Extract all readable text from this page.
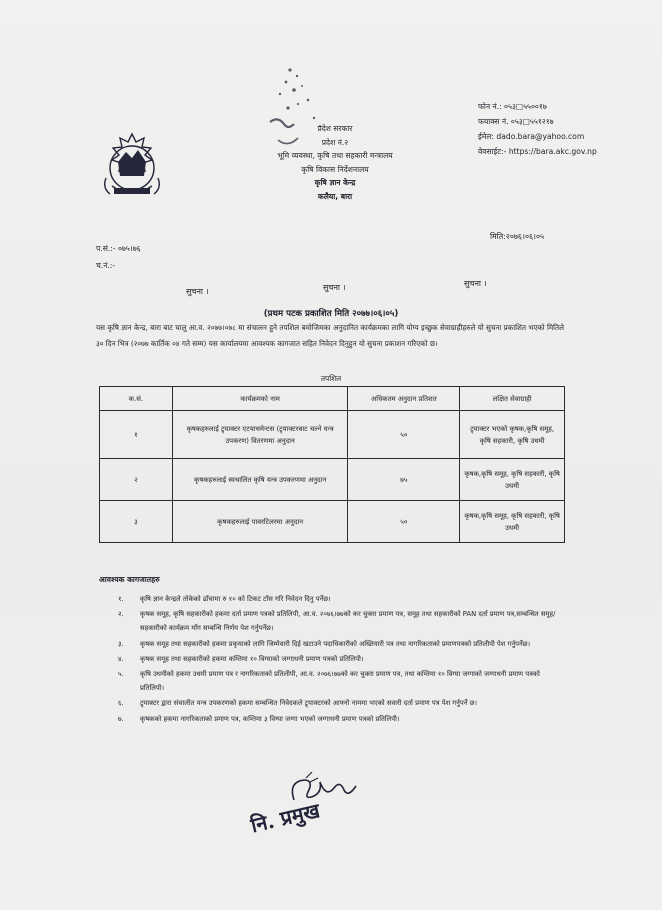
प्रदेश सरकार
प्रदेश नं.२
भूमि व्यवस्था, कृषि तथा सहकारी मन्त्रालय
कृषि विकास निर्देशनालय
कृषि ज्ञान केन्द्र
कलैया, बारा
फोन नं.: ०५३□५५००१७
फयाक्स नं. ०५३□५५१२१७
ईमेल: dado.bara@yahoo.com
वेवसाईट:- https://bara.akc.gov.np
प.सं.:- ०७५।७६
च.नं.:-
मिति:२०७६।०६।०५
सुचना ।	सुचना ।	सुचना ।
(प्रथम पटक प्रकाशित मिति २०७७।०६।०५)
यस कृषि ज्ञान केन्द्र, बारा बाट चालु आ.व. २०७७।०७८ मा संचालन हुने तपशिल बमोजिमका अनुदानित कार्यक्रमका लागि योग्य इच्छुक सेवाग्राहीहरुले यो सुचना प्रकाशित भएको मितिले ३० दिन भित्र (२०७७ कार्तिक ०४ गते सम्म) यस कार्यालयमा आवश्यक कागजात सहित निवेदन दिनुहुन यो सुचना प्रकाशन गरिएको छ।
तपशिल
क.सं.	कार्यक्रमको नाम	अधिकतम अनुदान प्रतिशत	लक्षित सेवाग्राही
१	कृषकहरुलाई ट्र्याक्टर एटयाचमेन्टस (ट्र्याक्टरबाट चल्ने यन्त्र उपकरण) वितरणमा अनुदान	५०	ट्र्याक्टर भएको कृषक,कृषि समूह, कृषि सहकारी, कृषि उधमी
२	कृषकहरुलाई स्वचालित कृषि यन्त्र उपकरणमा अनुदान	७५	कृषक,कृषि समूह, कृषि सहकारी, कृषि उधमी
३	कृषकहरुलाई पावरटिलरमा अनुदान	५०	कृषक,कृषि समूह, कृषि सहकारी, कृषि उधमी
आवश्यक कागजातहरु
१. कृषि ज्ञान केन्द्रले तोकेको ढाँचामा रु १० को टिकट टाँस गरि निवेदन दिनु पर्नेछ।
२. कृषक समूह, कृषि सहकारीको हकमा दर्ता प्रमाण पत्रको प्रतिलिपी, आ.व. २०७६।७७को कर चुक्ता प्रमाण पत्र, समूह तथा सहकारीको PAN दर्ता प्रमाण पत्र,सम्बन्धित समूह/सहकारीको कार्यक्रम माँग सम्बन्धि निर्णय पेश गर्नुपर्नेछ।
३. कृषक समूह तथा सहकारीको हकमा प्रकृयाको लागि जिम्मेवारी दिई खटाउने पदाधिकारीको अख्तियारी पत्र तथा नागरिकताको प्रमाणपत्रको प्रतिलीपी पेश गर्नुपर्नेछ।
४. कृषक समूह तथा सहकारीको हकमा कम्तिमा १० विग्घाको जग्गाधनी प्रमाण पत्रको प्रतिलिपी।
५. कृषि उधमीको हकमा उधमी प्रमाण पत्र र नागरिकताको प्रतिलीपी, आ.व. २०७६।७७को कर चुक्ता प्रमाण पत्र, तथा कम्तिमा १० विग्घा जग्गाको जग्गाधनी प्रमाण पत्रको प्रतिलिपी।
६. ट्र्याक्टर द्वारा संचालीत यन्त्र उपकरणको हकमा सम्बन्धित निवेदकले ट्र्याक्टरको आफ्नो नाममा भएको सवारी दर्ता प्रमाण पत्र पेश गर्नुपर्ने छ।
७. कृषकको हकमा नागरिकताको प्रमाण पत्र, कम्तिमा ३ विग्घा जग्गा भएको जग्गाधनी प्रमाण पत्रको प्रतिलिपी।
नि. प्रमुख
